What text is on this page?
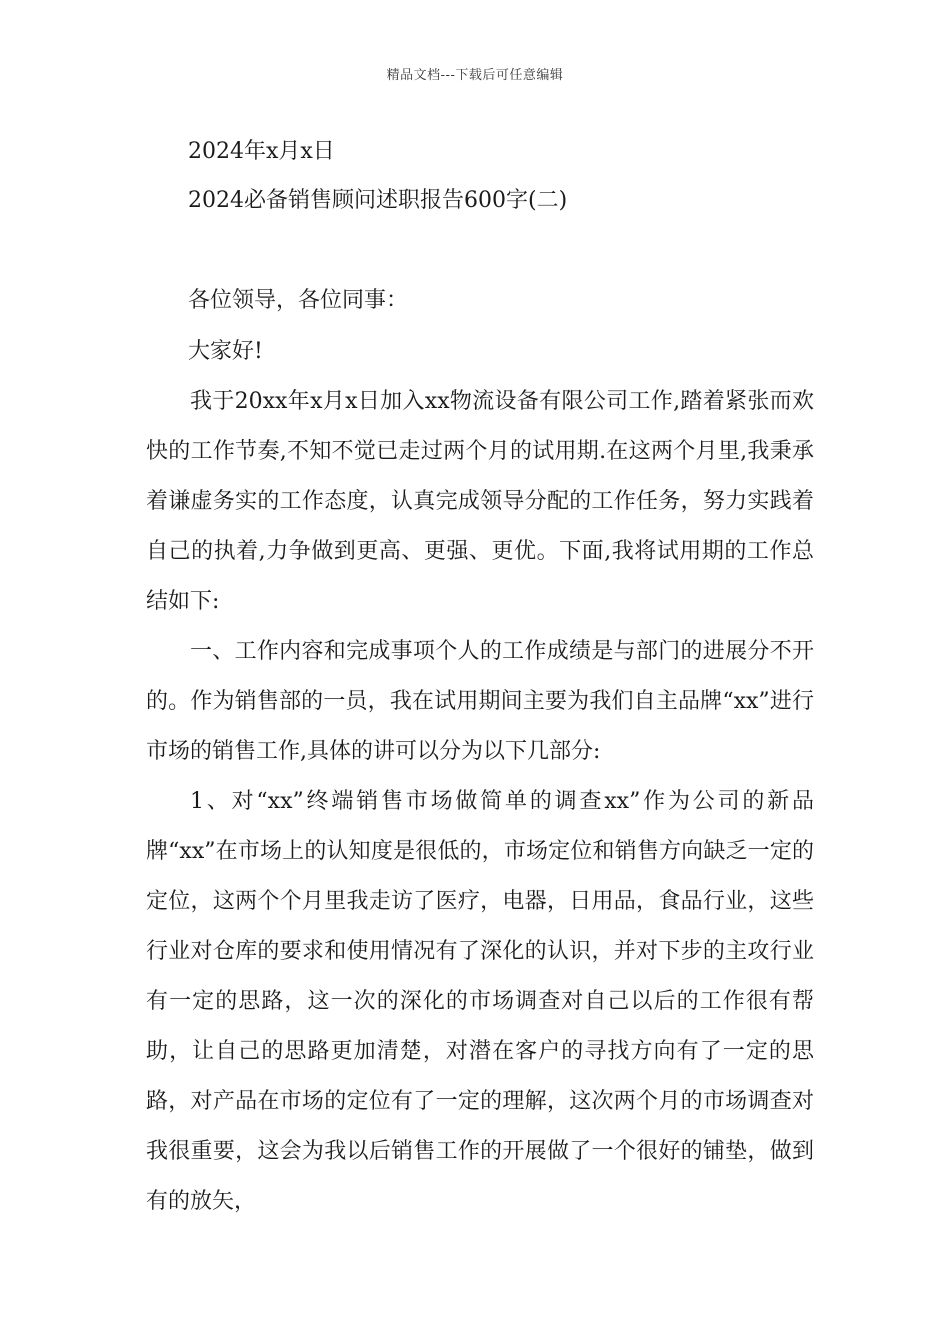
精品文档---下载后可任意编辑
2024年x月x日
2024必备销售顾问述职报告600字(二)
各位领导，各位同事：
大家好!

我于20xx年x月x日加入xx物流设备有限公司工作,踏着紧张而欢快的工作节奏,不知不觉已走过两个月的试用期.在这两个月里,我秉承着谦虚务实的工作态度，认真完成领导分配的工作任务，努力实践着自己的执着,力争做到更高、更强、更优。下面,我将试用期的工作总结如下:

一、工作内容和完成事项个人的工作成绩是与部门的进展分不开的。作为销售部的一员，我在试用期间主要为我们自主品牌“xx”进行市场的销售工作,具体的讲可以分为以下几部分:

1、对“xx”终端销售市场做简单的调查xx”作为公司的新品牌“xx”在市场上的认知度是很低的，市场定位和销售方向缺乏一定的定位，这两个个月里我走访了医疗，电器，日用品，食品行业，这些行业对仓库的要求和使用情况有了深化的认识，并对下步的主攻行业有一定的思路，这一次的深化的市场调查对自己以后的工作很有帮助，让自己的思路更加清楚，对潜在客户的寻找方向有了一定的思路，对产品在市场的定位有了一定的理解，这次两个月的市场调查对我很重要，这会为我以后销售工作的开展做了一个很好的铺垫，做到有的放矢，
